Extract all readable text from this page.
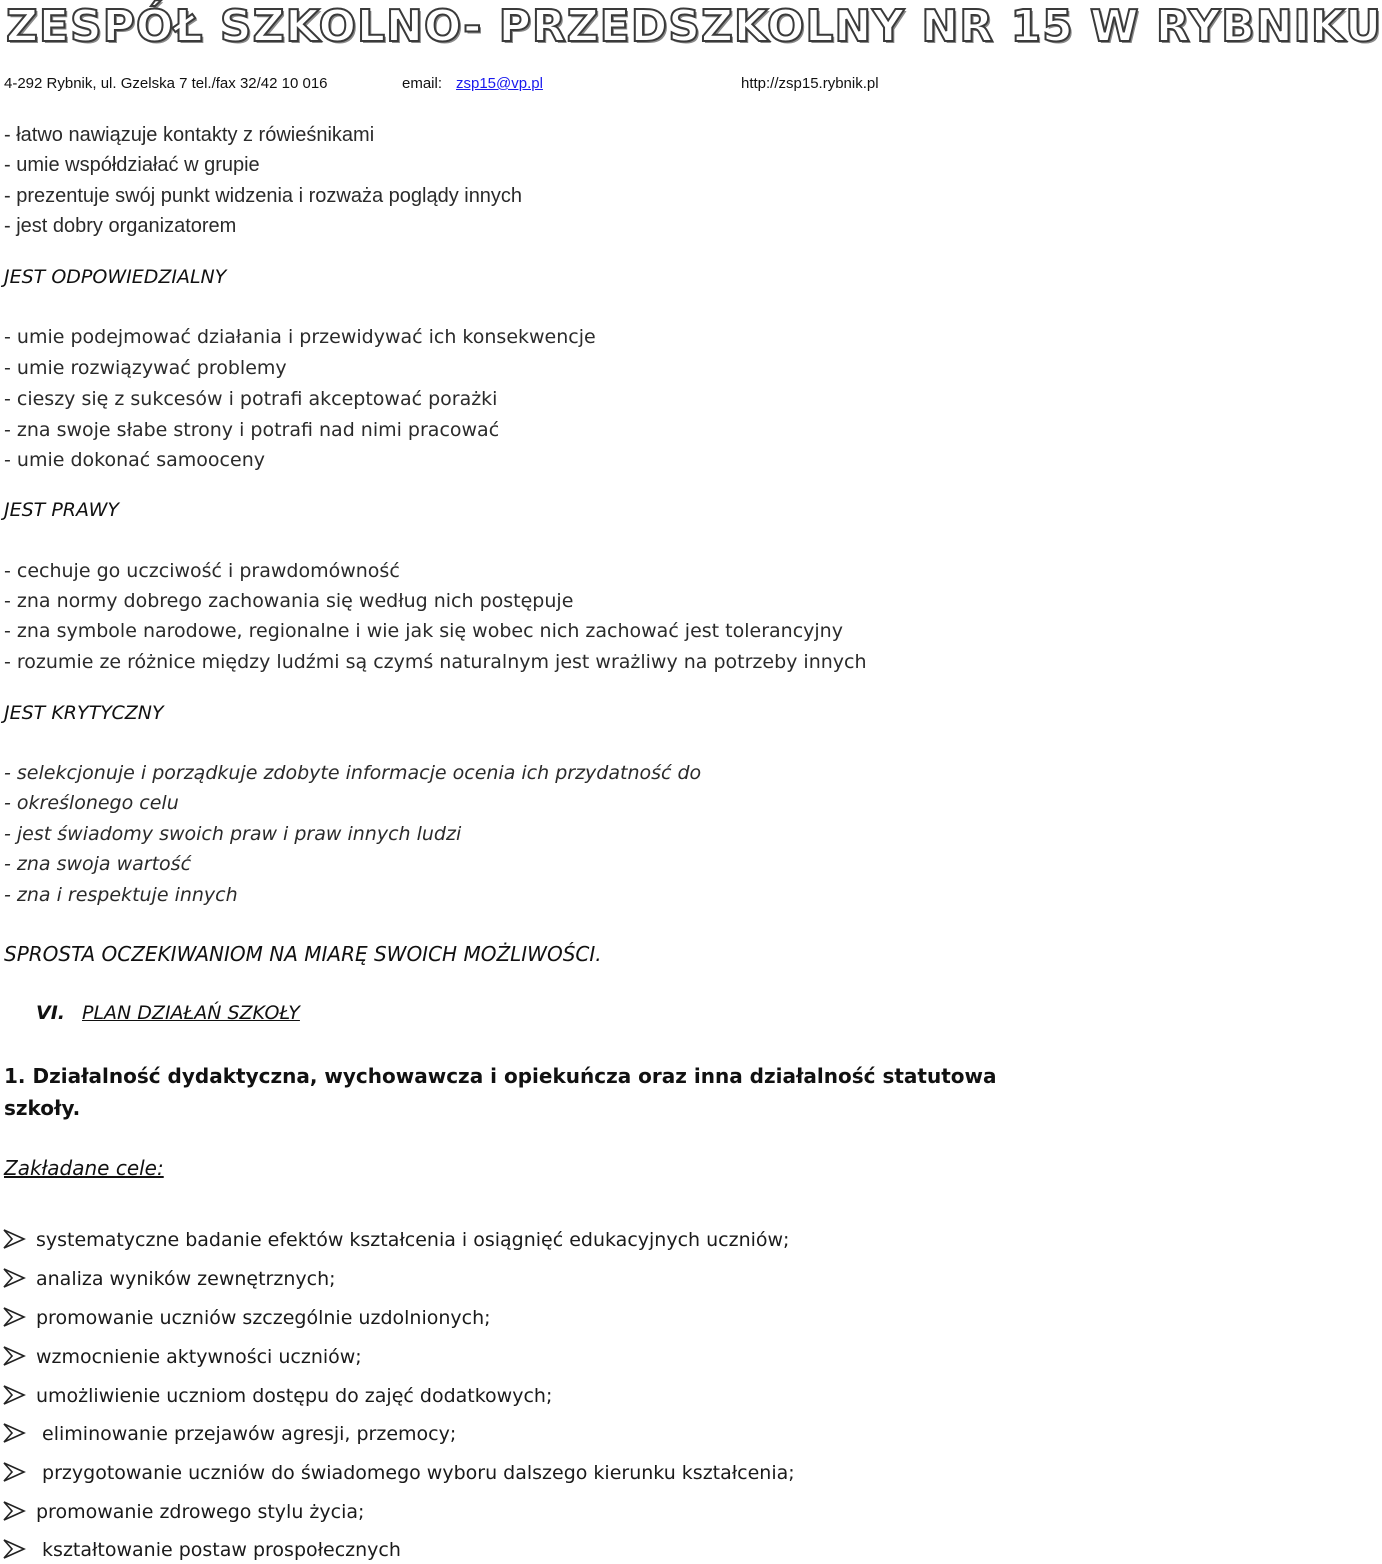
ZESPÓŁ SZKOLNO- PRZEDSZKOLNY NR 15 W RYBNIKU
4-292 Rybnik, ul. Gzelska 7 tel./fax 32/42 10 016	email: zsp15@vp.pl	http://zsp15.rybnik.pl
- łatwo nawiązuje kontakty z rówieśnikami
- umie współdziałać w grupie
- prezentuje swój punkt widzenia i rozważa poglądy innych
- jest dobry organizatorem
JEST ODPOWIEDZIALNY
- umie podejmować działania i przewidywać ich konsekwencje
- umie rozwiązywać problemy
- cieszy się z sukcesów i potrafi akceptować porażki
- zna swoje słabe strony i potrafi nad nimi pracować
- umie dokonać samooceny
JEST PRAWY
- cechuje go uczciwość i prawdomówność
- zna normy dobrego zachowania się według nich postępuje
- zna symbole narodowe, regionalne i wie jak się wobec nich zachować jest tolerancyjny
- rozumie ze różnice między ludźmi są czymś naturalnym jest wrażliwy na potrzeby innych
JEST KRYTYCZNY
- selekcjonuje i porządkuje zdobyte informacje ocenia ich przydatność do
- określonego celu
- jest świadomy swoich praw i praw innych ludzi
- zna swoja wartość
- zna i respektuje innych
SPROSTA OCZEKIWANIOM NA MIARĘ SWOICH MOŻLIWOŚCI.
VI. PLAN DZIAŁAŃ SZKOŁY
1. Działalność dydaktyczna, wychowawcza i opiekuńcza oraz inna działalność statutowa
szkoły.
Zakładane cele:
systematyczne badanie efektów kształcenia i osiągnięć edukacyjnych uczniów;
analiza wyników zewnętrznych;
promowanie uczniów szczególnie uzdolnionych;
wzmocnienie aktywności uczniów;
umożliwienie uczniom dostępu do zajęć dodatkowych;
eliminowanie przejawów agresji, przemocy;
przygotowanie uczniów do świadomego wyboru dalszego kierunku kształcenia;
promowanie zdrowego stylu życia;
kształtowanie postaw prospołecznych
